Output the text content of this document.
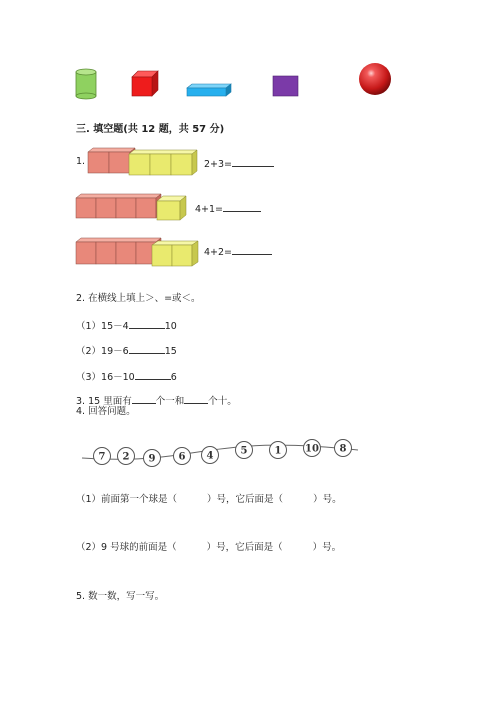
三. 填空题(共 12 题，共 57 分)
1.	2+3=
4+1=
4+2=
2. 在横线上填上＞、=或＜。
（1）15－4	10
（2）19－6	15
（3）16－10	6
3. 15 里面有	个一和	个十。
4. 回答问题。
7 2 9 6 4	5	1 10 8
（1）前面第一个球是（	）号，它后面是（	）号。
（2）9 号球的前面是（	）号，它后面是（	）号。
5. 数一数，写一写。
